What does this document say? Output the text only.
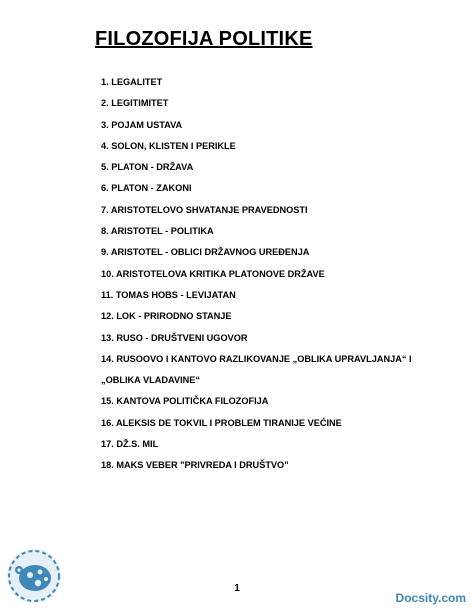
FILOZOFIJA POLITIKE
1. LEGALITET
2. LEGITIMITET
3. POJAM USTAVA
4. SOLON, KLISTEN I PERIKLE
5. PLATON - DRŽAVA
6. PLATON - ZAKONI
7. ARISTOTELOVO SHVATANJE PRAVEDNOSTI
8. ARISTOTEL - POLITIKA
9. ARISTOTEL - OBLICI DRŽAVNOG UREĐENJA
10. ARISTOTELOVA KRITIKA PLATONOVE DRŽAVE
11. TOMAS HOBS - LEVIJATAN
12. LOK - PRIRODNO STANJE
13. RUSO - DRUŠTVENI UGOVOR
14. RUSOOVO I KANTOVO RAZLIKOVANJE „OBLIKA UPRAVLJANJA“ I
„OBLIKA VLADAVINE“
15. KANTOVA POLITIČKA FILOZOFIJA
16. ALEKSIS DE TOKVIL I PROBLEM TIRANIJE VEĆINE
17. DŽ.S. MIL
18. MAKS VEBER "PRIVREDA I DRUŠTVO"
1
Docsity.com
